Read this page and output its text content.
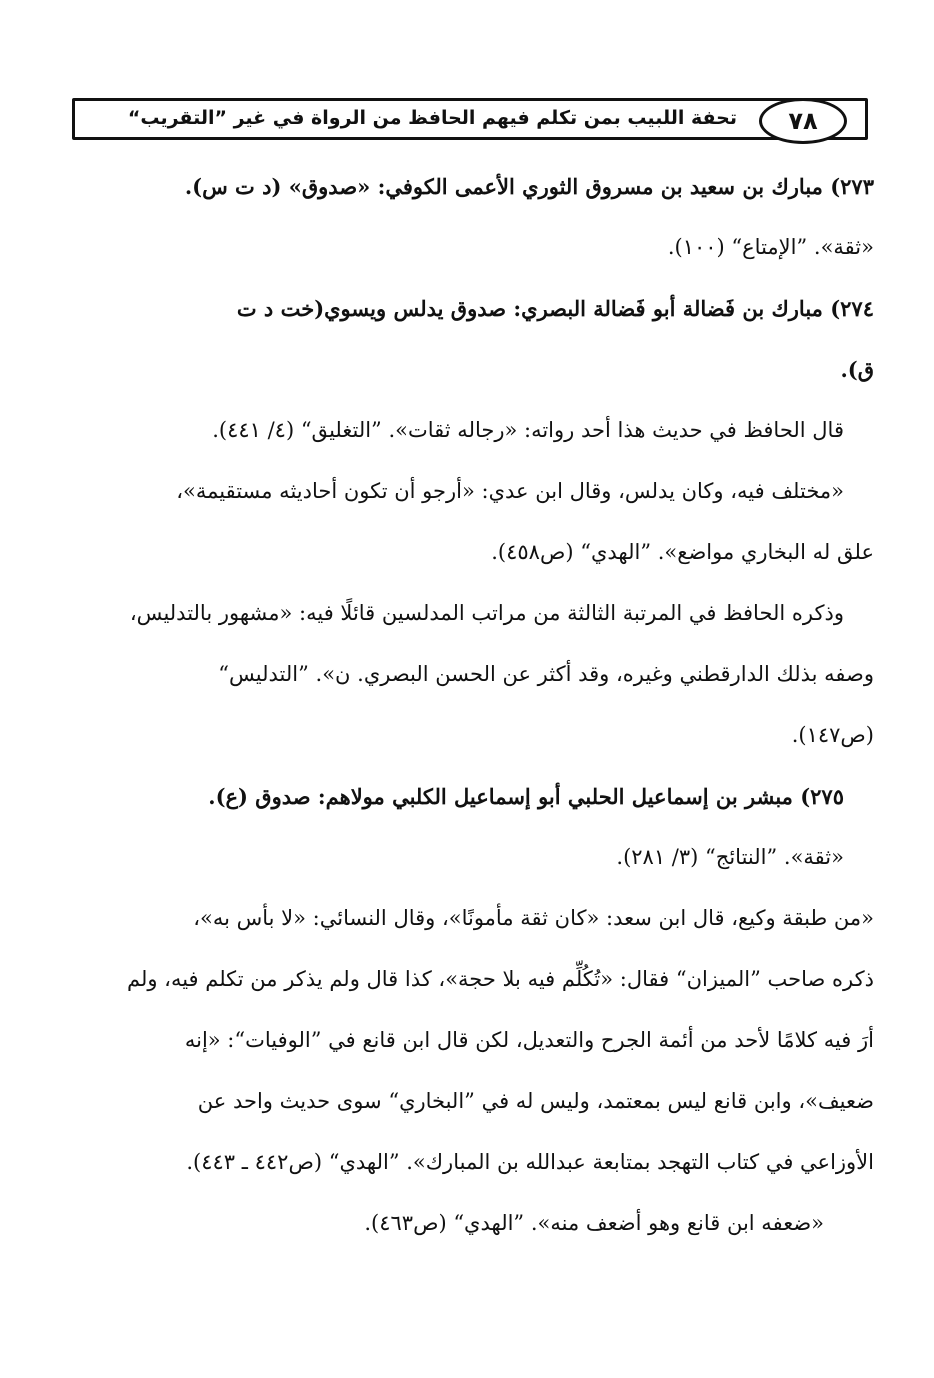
٧٨
تحفة اللبيب بمن تكلم فيهم الحافظ من الرواة في غير ”التقريب“
٢٧٣) مبارك بن سعيد بن مسروق الثوري الأعمى الكوفي: «صدوق» (د ت س).
«ثقة». ”الإمتاع“ (١٠٠).
٢٧٤) مبارك بن فَضالة أبو فَضالة البصري: صدوق يدلس ويسوي(خت د ت
ق).
قال الحافظ في حديث هذا أحد رواته: «رجاله ثقات». ”التغليق“ (٤/ ٤٤١).
«مختلف فيه، وكان يدلس، وقال ابن عدي: «أرجو أن تكون أحاديثه مستقيمة»،
علق له البخاري مواضع». ”الهدي“ (ص٤٥٨).
وذكره الحافظ في المرتبة الثالثة من مراتب المدلسين قائلًا فيه: «مشهور بالتدليس،
وصفه بذلك الدارقطني وغيره، وقد أكثر عن الحسن البصري. ن». ”التدليس“
(ص١٤٧).
٢٧٥) مبشر بن إسماعيل الحلبي أبو إسماعيل الكلبي مولاهم: صدوق (ع).
«ثقة». ”النتائج“ (٣/ ٢٨١).
«من طبقة وكيع، قال ابن سعد: «كان ثقة مأمونًا»، وقال النسائي: «لا بأس به»،
ذكره صاحب ”الميزان“ فقال: «تُكُلِّم فيه بلا حجة»، كذا قال ولم يذكر من تكلم فيه، ولم
أرَ فيه كلامًا لأحد من أئمة الجرح والتعديل، لكن قال ابن قانع في ”الوفيات“: «إنه
ضعيف»، وابن قانع ليس بمعتمد، وليس له في ”البخاري“ سوى حديث واحد عن
الأوزاعي في كتاب التهجد بمتابعة عبدالله بن المبارك». ”الهدي“ (ص٤٤٢ ـ ٤٤٣).
«ضعفه ابن قانع وهو أضعف منه». ”الهدي“ (ص٤٦٣).
